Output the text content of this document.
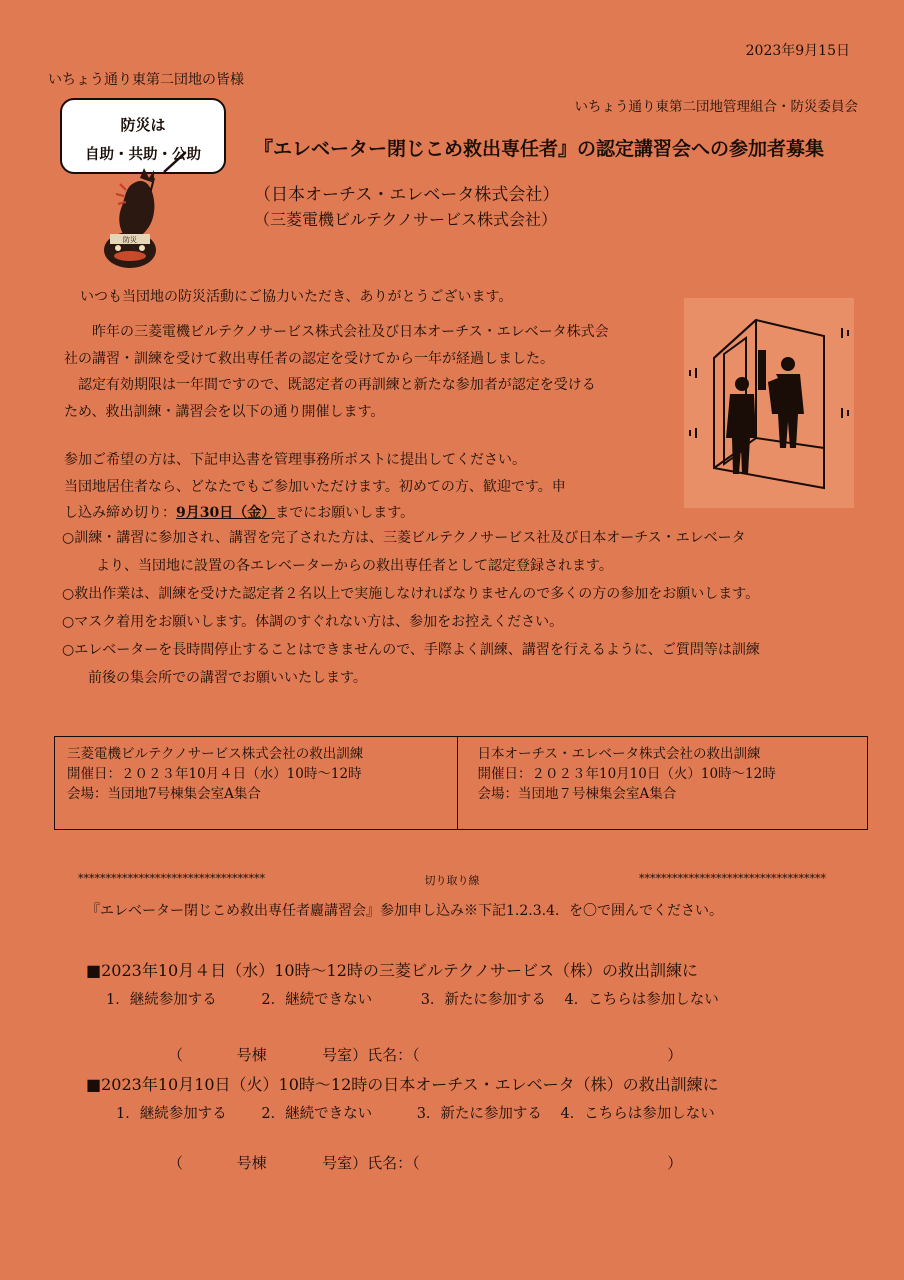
2023年9月15日
いちょう通り東第二団地の皆様
いちょう通り東第二団地管理組合・防災委員会
防災は
自助・共助・公助
防災
『エレベーター閉じこめ救出専任者』の認定講習会への参加者募集
（日本オーチス・エレベータ株式会社）
（三菱電機ビルテクノサービス株式会社）
いつも当団地の防災活動にご協力いただき、ありがとうございます。
昨年の三菱電機ビルテクノサービス株式会社及び日本オーチス・エレベータ株式会
社の講習・訓練を受けて救出専任者の認定を受けてから一年が経過しました。
認定有効期限は一年間ですので、既認定者の再訓練と新たな参加者が認定を受ける
ため、救出訓練・講習会を以下の通り開催します。
参加ご希望の方は、下記申込書を管理事務所ポストに提出してください。
当団地居住者なら、どなたでもご参加いただけます。初めての方、歓迎です。申
し込み締め切り：9月30日（金）までにお願いします。
○訓練・講習に参加され、講習を完了された方は、三菱ビルテクノサービス社及び日本オーチス・エレベータ
より、当団地に設置の各エレベーターからの救出専任者として認定登録されます。
○救出作業は、訓練を受けた認定者２名以上で実施しなければなりませんので多くの方の参加をお願いします。
○マスク着用をお願いします。体調のすぐれない方は、参加をお控えください。
○エレベーターを長時間停止することはできませんので、手際よく訓練、講習を行えるように、ご質問等は訓練
前後の集会所での講習でお願いいたします。
三菱電機ビルテクノサービス株式会社の救出訓練
開催日：２０２３年10月４日（水）10時～12時
会場：当団地7号棟集会室A集合
日本オーチス・エレベータ株式会社の救出訓練
開催日：２０２３年10月10日（火）10時～12時
会場：当団地７号棟集会室A集合
**********************************	切り取り線	**********************************
『エレベーター閉じこめ救出専任者廲講習会』参加申し込み※下記1.2.3.4．を〇で囲んでください。
■2023年10月４日（水）10時～12時の三菱ビルテクノサービス（株）の救出訓練に
1．継続参加する	2．継続できない	3．新たに参加する 4．こちらは参加しない
（	号棟	号室）氏名：（	）
■2023年10月10日（火）10時～12時の日本オーチス・エレベータ（株）の救出訓練に
1．継続参加する 2．継続できない	3．新たに参加する 4．こちらは参加しない
（	号棟	号室）氏名：（	）
